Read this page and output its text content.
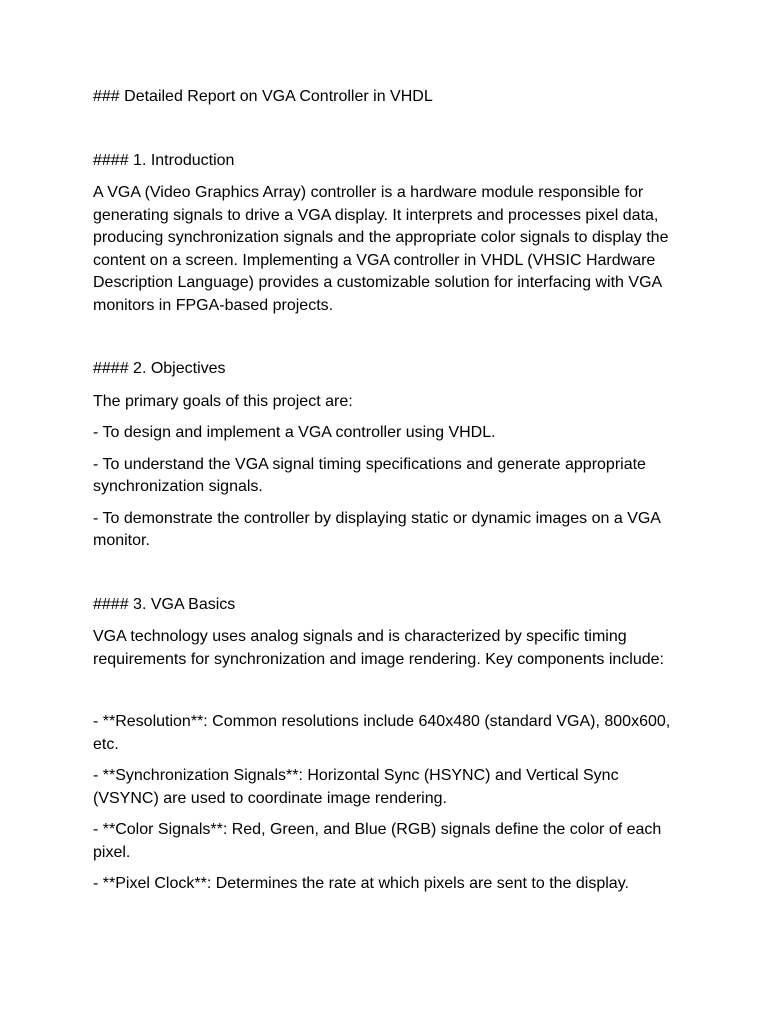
### Detailed Report on VGA Controller in VHDL

#### 1. Introduction

A VGA (Video Graphics Array) controller is a hardware module responsible for generating signals to drive a VGA display. It interprets and processes pixel data, producing synchronization signals and the appropriate color signals to display the content on a screen. Implementing a VGA controller in VHDL (VHSIC Hardware Description Language) provides a customizable solution for interfacing with VGA monitors in FPGA-based projects.

#### 2. Objectives

The primary goals of this project are:

- To design and implement a VGA controller using VHDL.

- To understand the VGA signal timing specifications and generate appropriate synchronization signals.

- To demonstrate the controller by displaying static or dynamic images on a VGA monitor.

#### 3. VGA Basics

VGA technology uses analog signals and is characterized by specific timing requirements for synchronization and image rendering. Key components include:

- **Resolution**: Common resolutions include 640x480 (standard VGA), 800x600, etc.

- **Synchronization Signals**: Horizontal Sync (HSYNC) and Vertical Sync (VSYNC) are used to coordinate image rendering.

- **Color Signals**: Red, Green, and Blue (RGB) signals define the color of each pixel.

- **Pixel Clock**: Determines the rate at which pixels are sent to the display.
